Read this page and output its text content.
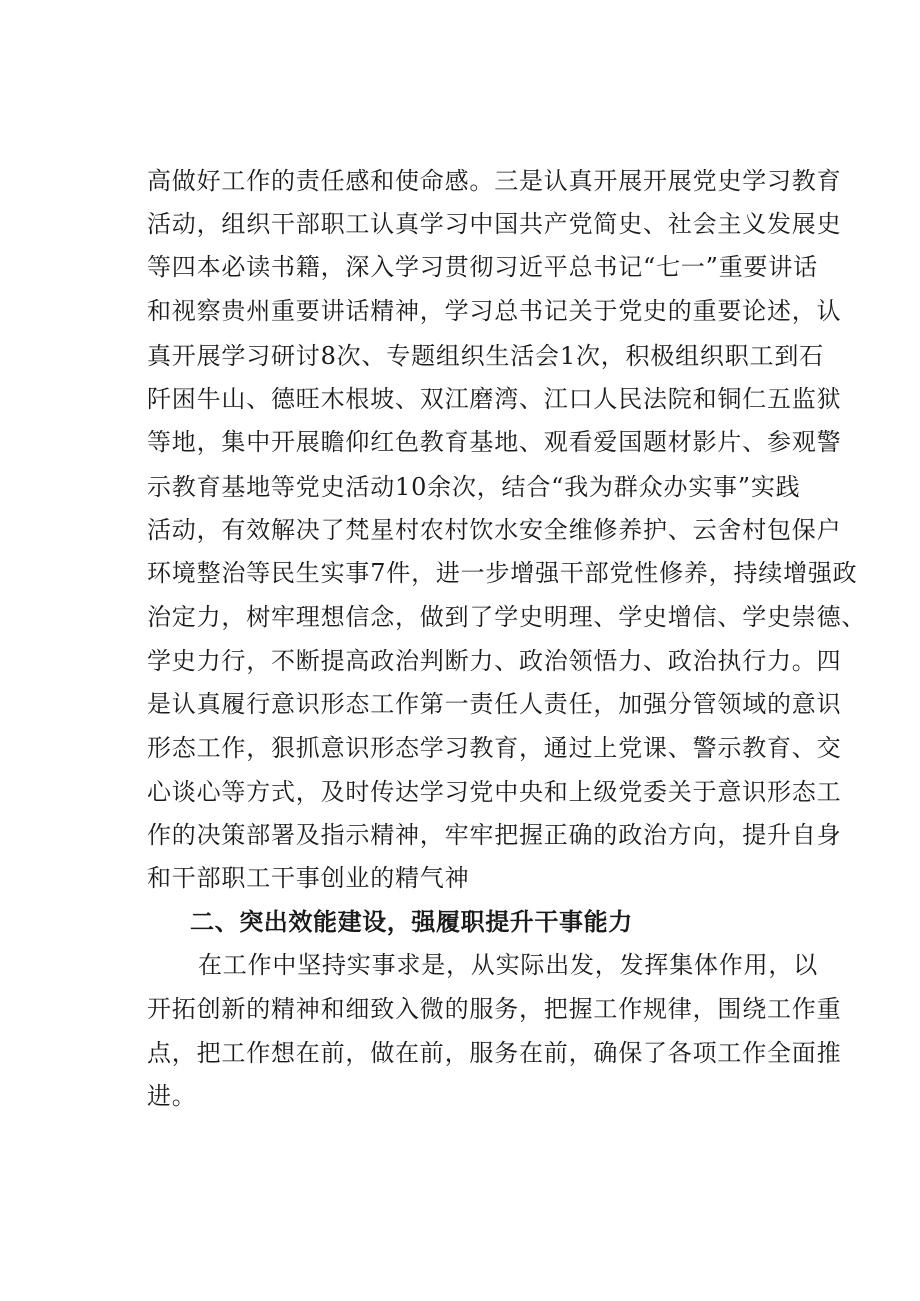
高做好工作的责任感和使命感。三是认真开展开展党史学习教育
活动，组织干部职工认真学习中国共产党简史、社会主义发展史
等四本必读书籍，深入学习贯彻习近平总书记“七一”重要讲话
和视察贵州重要讲话精神，学习总书记关于党史的重要论述，认
真开展学习研讨8次、专题组织生活会1次，积极组织职工到石
阡困牛山、德旺木根坡、双江磨湾、江口人民法院和铜仁五监狱
等地，集中开展瞻仰红色教育基地、观看爱国题材影片、参观警
示教育基地等党史活动10余次，结合“我为群众办实事”实践
活动，有效解决了梵星村农村饮水安全维修养护、云舍村包保户
环境整治等民生实事7件，进一步增强干部党性修养，持续增强政
治定力，树牢理想信念，做到了学史明理、学史增信、学史崇德、
学史力行，不断提高政治判断力、政治领悟力、政治执行力。四
是认真履行意识形态工作第一责任人责任，加强分管领域的意识
形态工作，狠抓意识形态学习教育，通过上党课、警示教育、交
心谈心等方式，及时传达学习党中央和上级党委关于意识形态工
作的决策部署及指示精神，牢牢把握正确的政治方向，提升自身
和干部职工干事创业的精气神
二、突出效能建设，强履职提升干事能力
在工作中坚持实事求是，从实际出发，发挥集体作用，以
开拓创新的精神和细致入微的服务，把握工作规律，围绕工作重
点，把工作想在前，做在前，服务在前，确保了各项工作全面推
进。
